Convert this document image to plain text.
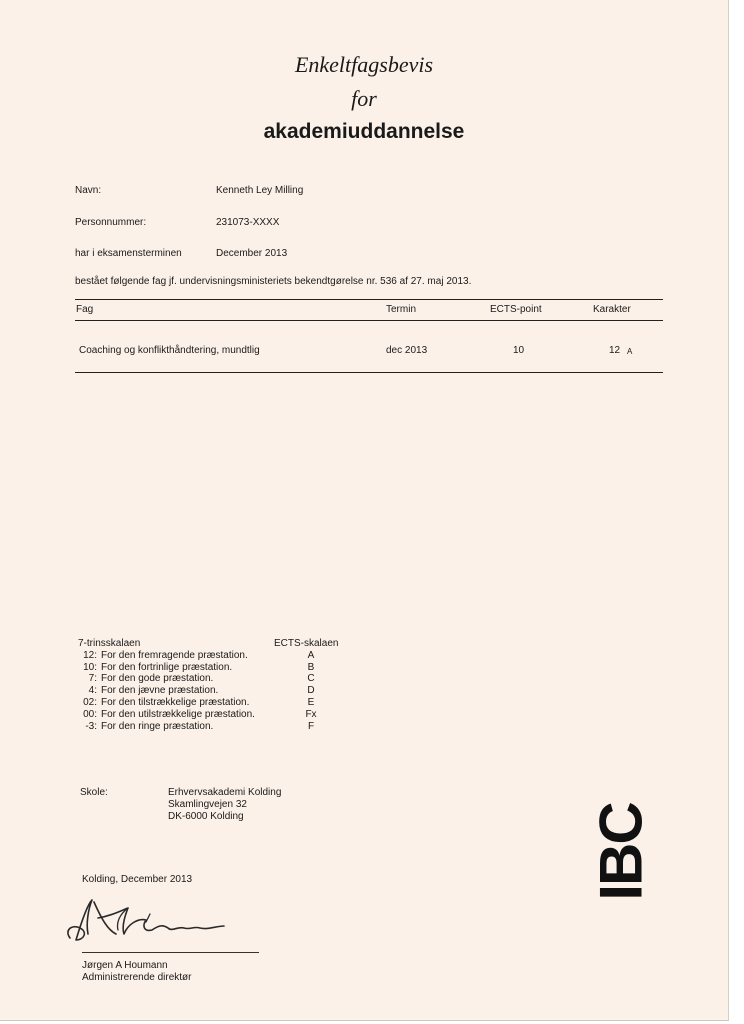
Enkeltfagsbevis
for
akademiuddannelse
Navn:	Kenneth Ley Milling
Personnummer:	231073-XXXX
har i eksamensterminen	December 2013
bestået følgende fag jf. undervisningsministeriets bekendtgørelse nr. 536 af 27. maj 2013.
Fag	Termin	ECTS-point	Karakter
Coaching og konflikthåndtering, mundtlig	dec 2013	10	12 A
7-trinsskalaen	ECTS-skalaen
12: For den fremragende præstation.	A
10: For den fortrinlige præstation.	B
7: For den gode præstation.	C
4: For den jævne præstation.	D
02: For den tilstrækkelige præstation.	E
00: For den utilstrækkelige præstation.	Fx
-3: For den ringe præstation.	F
Skole:	Erhvervsakademi Kolding
Skamlingvejen 32
DK-6000 Kolding	IBC
Kolding, December 2013
Jørgen A Houmann
Administrerende direktør
